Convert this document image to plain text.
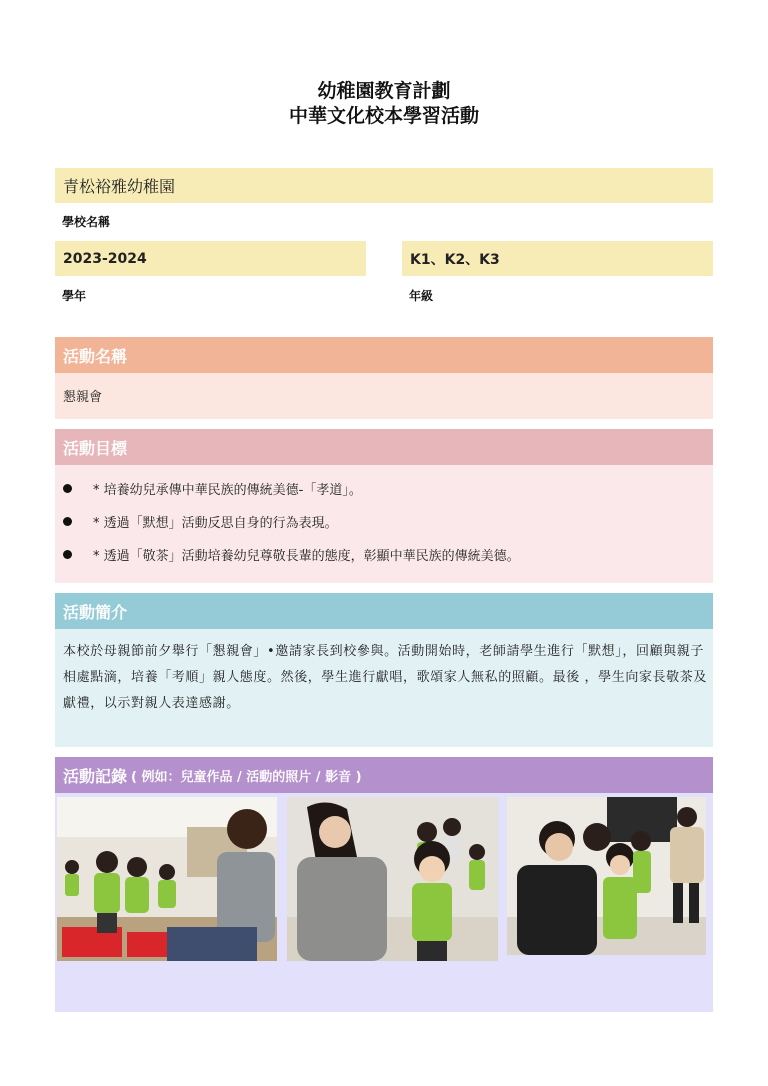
幼稚園教育計劃
中華文化校本學習活動
青松裕雅幼稚園
學校名稱
2023-2024	K1、K2、K3
學年	年級
活動名稱
懇親會
活動目標
* 培養幼兒承傳中華民族的傳統美德-「孝道」。
* 透過「默想」活動反思自身的行為表現。
* 透過「敬茶」活動培養幼兒尊敬長輩的態度，彰顯中華民族的傳統美德。
活動簡介
本校於母親節前夕舉行「懇親會」•邀請家長到校參與。活動開始時，老師請學生進行「默想」，回顧與親子相處點滴，培養「考順」親人態度。然後，學生進行獻唱，歌頌家人無私的照顧。最後 ，學生向家長敬茶及獻禮，以示對親人表達感謝。
活動記錄 ( 例如：兒童作品 / 活動的照片 / 影音 )
